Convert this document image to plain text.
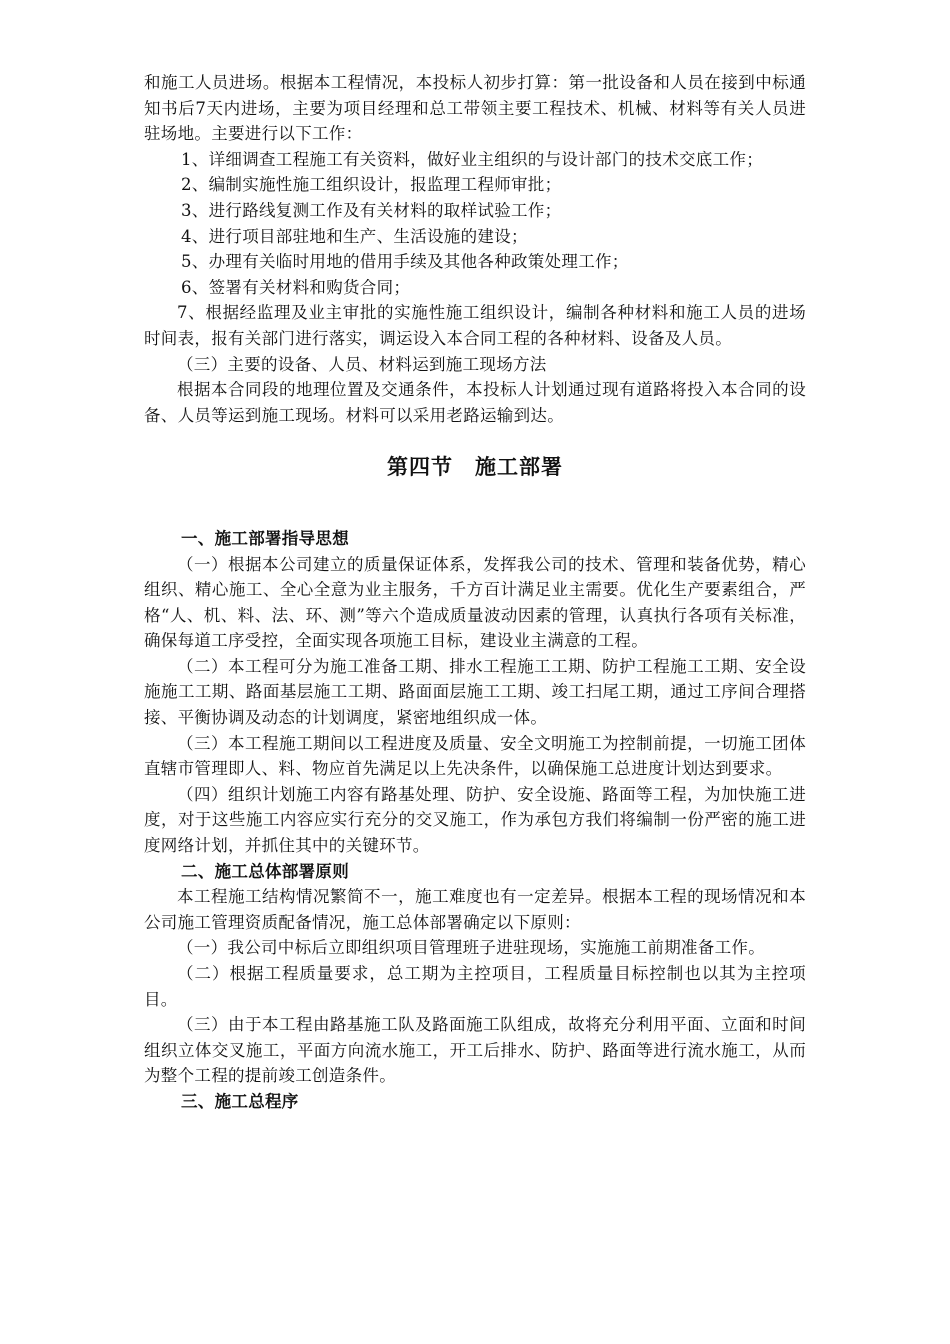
和施工人员进场。根据本工程情况，本投标人初步打算：第一批设备和人员在接到中标通知书后7天内进场，主要为项目经理和总工带领主要工程技术、机械、材料等有关人员进驻场地。主要进行以下工作：

1、详细调查工程施工有关资料，做好业主组织的与设计部门的技术交底工作；

2、编制实施性施工组织设计，报监理工程师审批；

3、进行路线复测工作及有关材料的取样试验工作；

4、进行项目部驻地和生产、生活设施的建设；

5、办理有关临时用地的借用手续及其他各种政策处理工作；

6、签署有关材料和购货合同；

7、根据经监理及业主审批的实施性施工组织设计，编制各种材料和施工人员的进场时间表，报有关部门进行落实，调运设入本合同工程的各种材料、设备及人员。

（三）主要的设备、人员、材料运到施工现场方法

根据本合同段的地理位置及交通条件，本投标人计划通过现有道路将投入本合同的设备、人员等运到施工现场。材料可以采用老路运输到达。

第四节　施工部署

一、施工部署指导思想

（一）根据本公司建立的质量保证体系，发挥我公司的技术、管理和装备优势，精心组织、精心施工、全心全意为业主服务，千方百计满足业主需要。优化生产要素组合，严格“人、机、料、法、环、测”等六个造成质量波动因素的管理，认真执行各项有关标准，确保每道工序受控，全面实现各项施工目标，建设业主满意的工程。

（二）本工程可分为施工准备工期、排水工程施工工期、防护工程施工工期、安全设施施工工期、路面基层施工工期、路面面层施工工期、竣工扫尾工期，通过工序间合理搭接、平衡协调及动态的计划调度，紧密地组织成一体。

（三）本工程施工期间以工程进度及质量、安全文明施工为控制前提，一切施工团体直辖市管理即人、料、物应首先满足以上先决条件，以确保施工总进度计划达到要求。

（四）组织计划施工内容有路基处理、防护、安全设施、路面等工程，为加快施工进度，对于这些施工内容应实行充分的交叉施工，作为承包方我们将编制一份严密的施工进度网络计划，并抓住其中的关键环节。

二、施工总体部署原则

本工程施工结构情况繁简不一，施工难度也有一定差异。根据本工程的现场情况和本公司施工管理资质配备情况，施工总体部署确定以下原则：

（一）我公司中标后立即组织项目管理班子进驻现场，实施施工前期准备工作。

（二）根据工程质量要求，总工期为主控项目，工程质量目标控制也以其为主控项目。

（三）由于本工程由路基施工队及路面施工队组成，故将充分利用平面、立面和时间组织立体交叉施工，平面方向流水施工，开工后排水、防护、路面等进行流水施工，从而为整个工程的提前竣工创造条件。

三、施工总程序
